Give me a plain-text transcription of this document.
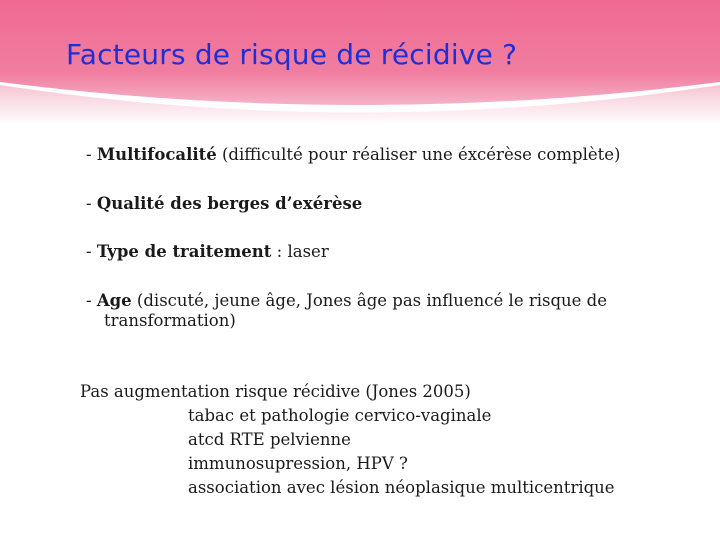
Facteurs de risque de récidive ?
- Multifocalité (difficulté pour réaliser une éxcérèse complète)
- Qualité des berges d’exérèse
- Type de traitement : laser
- Age (discuté, jeune âge, Jones âge pas influencé le risque de
transformation)
Pas augmentation risque récidive (Jones 2005)
tabac et pathologie cervico-vaginale
atcd RTE pelvienne
immunosupression, HPV ?
association avec lésion néoplasique multicentrique
